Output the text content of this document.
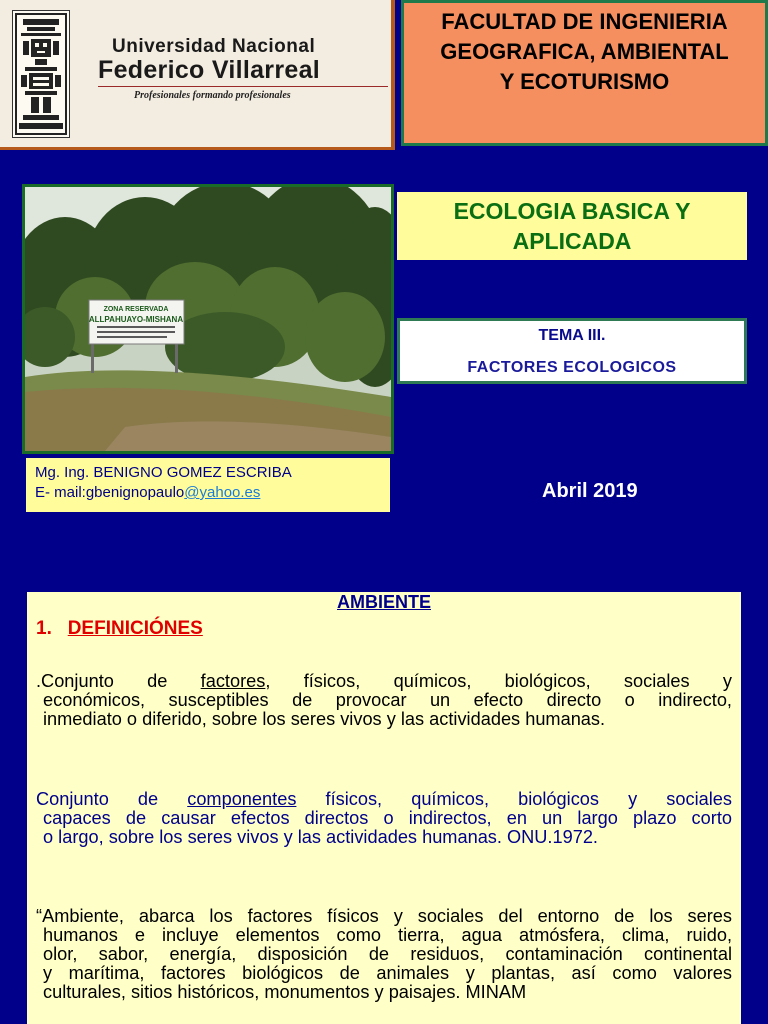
Universidad Nacional
Federico Villarreal
Profesionales formando profesionales
FACULTAD DE INGENIERIA
GEOGRAFICA, AMBIENTAL
Y ECOTURISMO
ZONA RESERVADA
ALLPAHUAYO-MISHANA
ECOLOGIA BASICA Y
APLICADA
TEMA III.
FACTORES ECOLOGICOS
Mg. Ing. BENIGNO GOMEZ ESCRIBA
E- mail:gbenignopaulo@yahoo.es	Abril 2019
AMBIENTE
1. DEFINICIÓNES
.Conjunto de factores, físicos, químicos, biológicos, sociales y
económicos, susceptibles de provocar un efecto directo o indirecto,
inmediato o diferido, sobre los seres vivos y las actividades humanas.
Conjunto de componentes físicos, químicos, biológicos y sociales
capaces de causar efectos directos o indirectos, en un largo plazo corto
o largo, sobre los seres vivos y las actividades humanas. ONU.1972.
“Ambiente, abarca los factores físicos y sociales del entorno de los seres
humanos e incluye elementos como tierra, agua atmósfera, clima, ruido,
olor, sabor, energía, disposición de residuos, contaminación continental
y marítima, factores biológicos de animales y plantas, así como valores
culturales, sitios históricos, monumentos y paisajes. MINAM
